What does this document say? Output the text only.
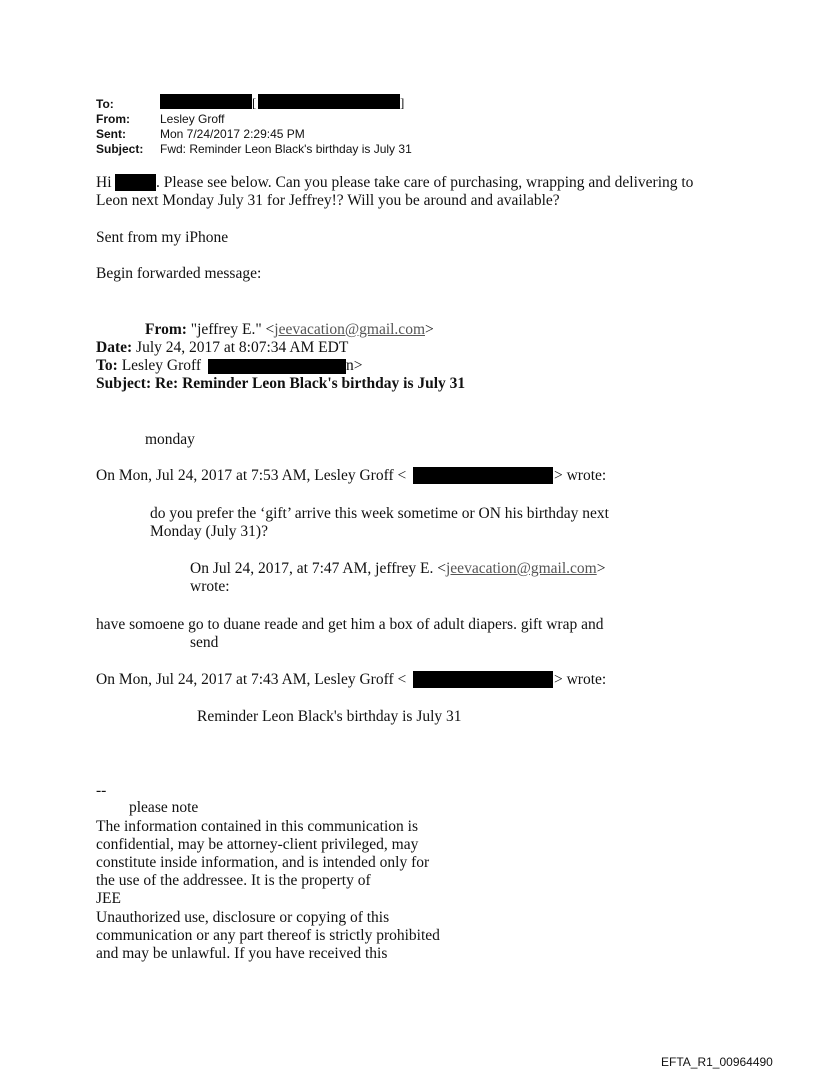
To:	[	]
From:	Lesley Groff
Sent:	Mon 7/24/2017 2:29:45 PM
Subject: Fwd: Reminder Leon Black's birthday is July 31
Hi	. Please see below. Can you please take care of purchasing, wrapping and delivering to
Leon next Monday July 31 for Jeffrey!? Will you be around and available?
Sent from my iPhone
Begin forwarded message:
From: "jeffrey E." <jeevacation@gmail.com>
Date: July 24, 2017 at 8:07:34 AM EDT
To: Lesley Groff	n>
Subject: Re: Reminder Leon Black's birthday is July 31
monday
On Mon, Jul 24, 2017 at 7:53 AM, Lesley Groff <	> wrote:
do you prefer the ‘gift’ arrive this week sometime or ON his birthday next
Monday (July 31)?
On Jul 24, 2017, at 7:47 AM, jeffrey E. <jeevacation@gmail.com>
wrote:
have somoene go to duane reade and get him a box of adult diapers. gift wrap and
send
On Mon, Jul 24, 2017 at 7:43 AM, Lesley Groff <	> wrote:
Reminder Leon Black's birthday is July 31
--
please note
The information contained in this communication is
confidential, may be attorney-client privileged, may
constitute inside information, and is intended only for
the use of the addressee. It is the property of
JEE
Unauthorized use, disclosure or copying of this
communication or any part thereof is strictly prohibited
and may be unlawful. If you have received this
EFTA_R1_00964490
